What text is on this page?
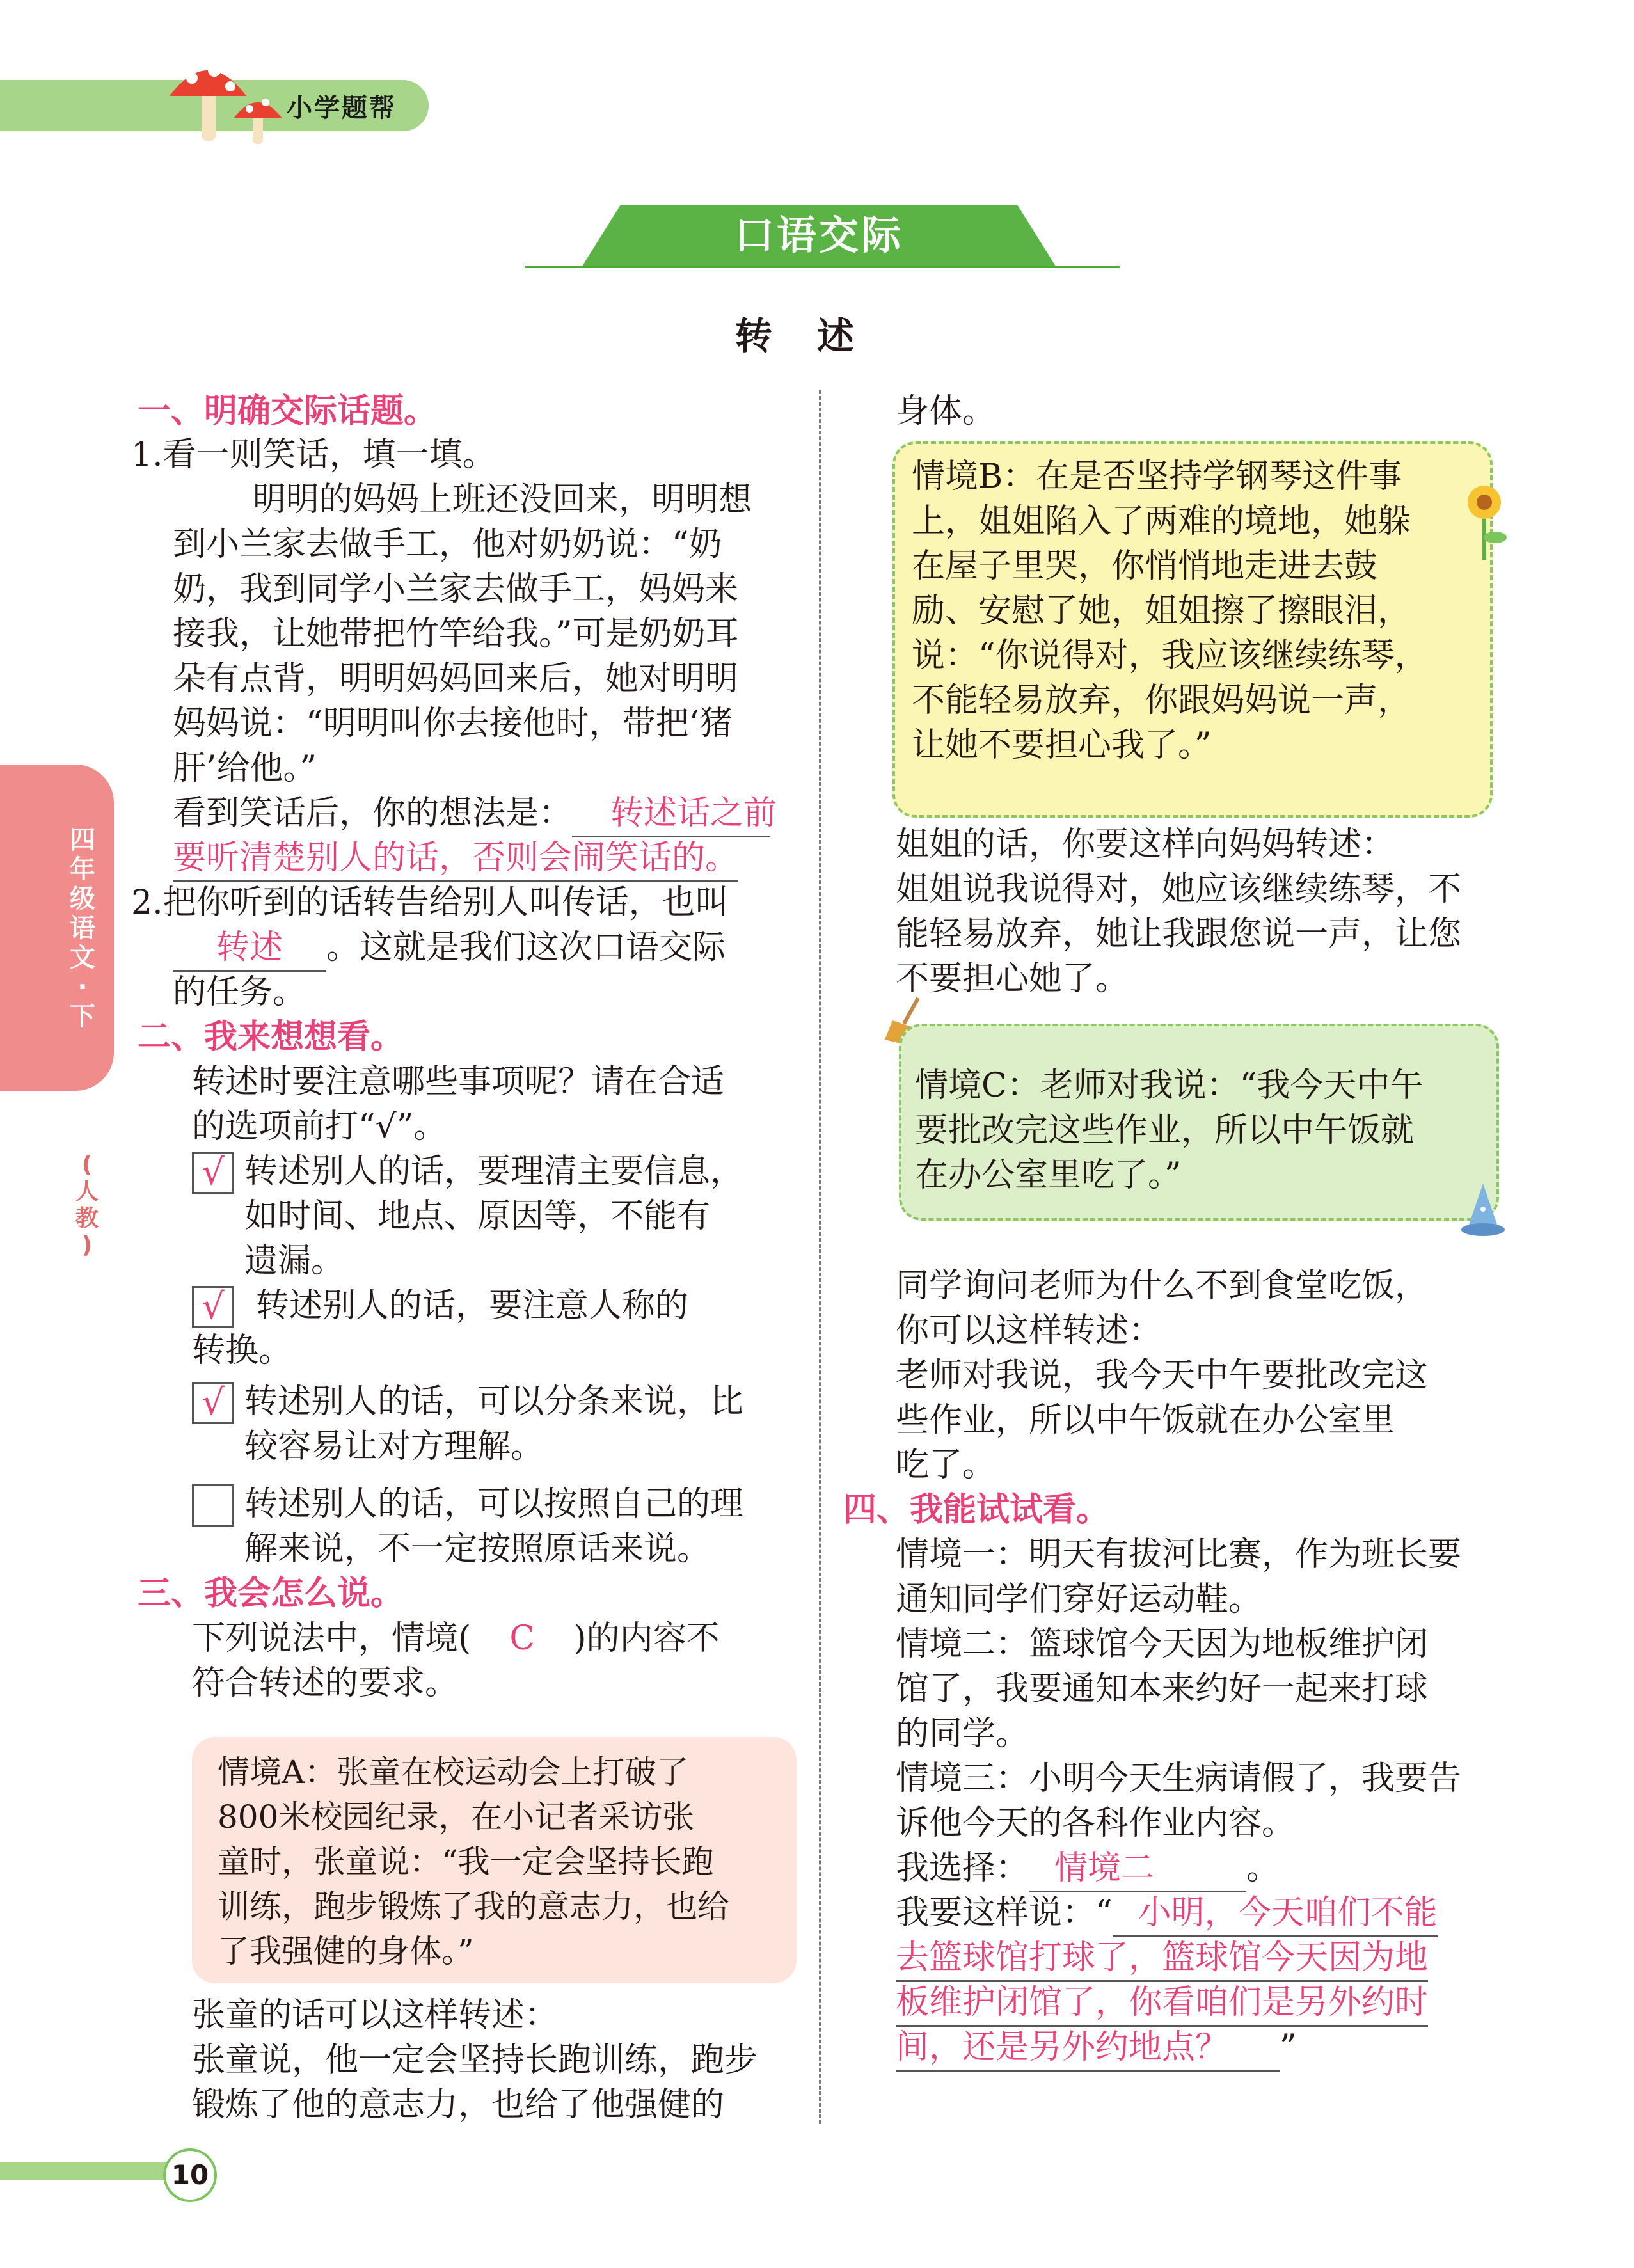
小学题帮
口语交际
转述
四
年
级
语
文
·
下
(
人
教
)
一、明确交际话题。
1.看一则笑话，填一填。
明明的妈妈上班还没回来，明明想
到小兰家去做手工，他对奶奶说：“奶
奶，我到同学小兰家去做手工，妈妈来
接我，让她带把竹竿给我。”可是奶奶耳
朵有点背，明明妈妈回来后，她对明明
妈妈说：“明明叫你去接他时，带把‘猪
肝’给他。”
看到笑话后，你的想法是： 转述话之前
要听清楚别人的话，否则会闹笑话的。
2.把你听到的话转告给别人叫传话，也叫
转述 。这就是我们这次口语交际
的任务。
二、我来想想看。
转述时要注意哪些事项呢？请在合适
的选项前打“√”。
√ 转述别人的话，要理清主要信息，
如时间、地点、原因等，不能有
遗漏。
√ 转述别人的话，要注意人称的
转换。
√ 转述别人的话，可以分条来说，比
较容易让对方理解。
转述别人的话，可以按照自己的理
解来说，不一定按照原话来说。
三、我会怎么说。
下列说法中，情境( C )的内容不
符合转述的要求。
情境A：张童在校运动会上打破了
800米校园纪录，在小记者采访张
童时，张童说：“我一定会坚持长跑
训练，跑步锻炼了我的意志力，也给
了我强健的身体。”
张童的话可以这样转述：
张童说，他一定会坚持长跑训练，跑步
锻炼了他的意志力，也给了他强健的
身体。
情境B：在是否坚持学钢琴这件事
上，姐姐陷入了两难的境地，她躲
在屋子里哭，你悄悄地走进去鼓
励、安慰了她，姐姐擦了擦眼泪，
说：“你说得对，我应该继续练琴，
不能轻易放弃，你跟妈妈说一声，
让她不要担心我了。”
姐姐的话，你要这样向妈妈转述：
姐姐说我说得对，她应该继续练琴，不
能轻易放弃，她让我跟您说一声，让您
不要担心她了。
情境C：老师对我说：“我今天中午
要批改完这些作业，所以中午饭就
在办公室里吃了。”
同学询问老师为什么不到食堂吃饭，
你可以这样转述：
老师对我说，我今天中午要批改完这
些作业，所以中午饭就在办公室里
吃了。
四、我能试试看。
情境一：明天有拔河比赛，作为班长要
通知同学们穿好运动鞋。
情境二：篮球馆今天因为地板维护闭
馆了，我要通知本来约好一起来打球
的同学。
情境三：小明今天生病请假了，我要告
诉他今天的各科作业内容。
我选择： 情境二	。
我要这样说：“ 小明，今天咱们不能
去篮球馆打球了，篮球馆今天因为地
板维护闭馆了，你看咱们是另外约时
间，还是另外约地点？ ”
10
